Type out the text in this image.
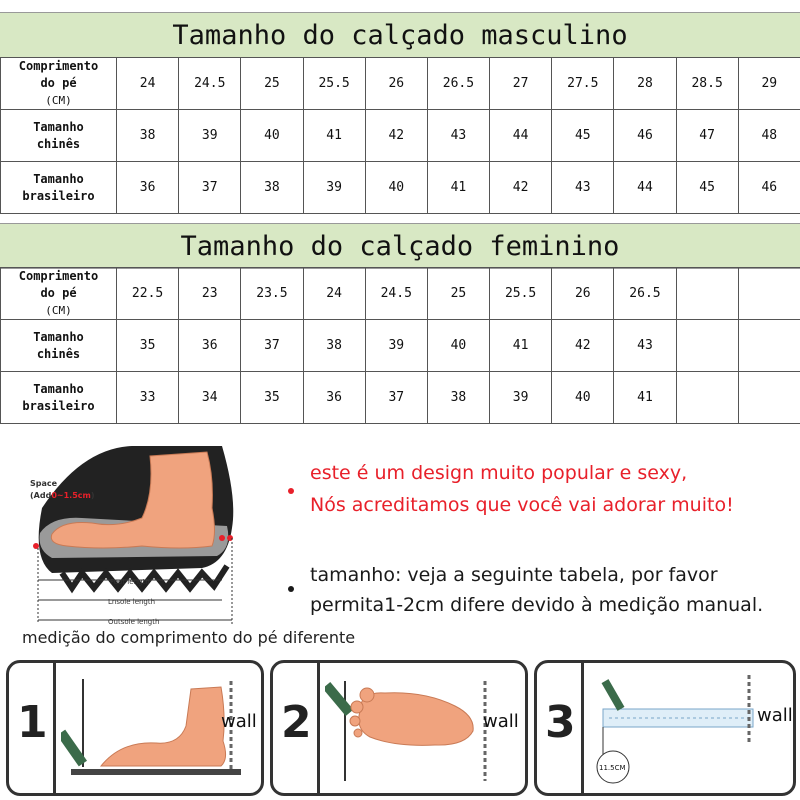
Tamanho do calçado masculino
Comprimento
do pé
(CM)	24	24.5	25	25.5	26	26.5	27	27.5	28	28.5	29

Tamanho
chinês	38	39	40	41	42	43	44	45	46	47	48

Tamanho
brasileiro	36	37	38	39	40	41	42	43	44	45	46
Tamanho do calçado feminino
Comprimento
do pé
(CM)	22.5	23	23.5	24	24.5	25	25.5	26	26.5		

Tamanho
chinês	35	36	37	38	39	40	41	42	43		

Tamanho
brasileiro	33	34	35	36	37	38	39	40	41		
Space
(Add0~1.5cm)
Foot length
Lnsole length
Outsole length
este é um design muito popular e sexy,
Nós acreditamos que você vai adorar muito!
tamanho: veja a seguinte tabela, por favor
permita1-2cm difere devido à medição manual.
medição do comprimento do pé diferente
1	wall 2	wall 3
11.5CM
wall
